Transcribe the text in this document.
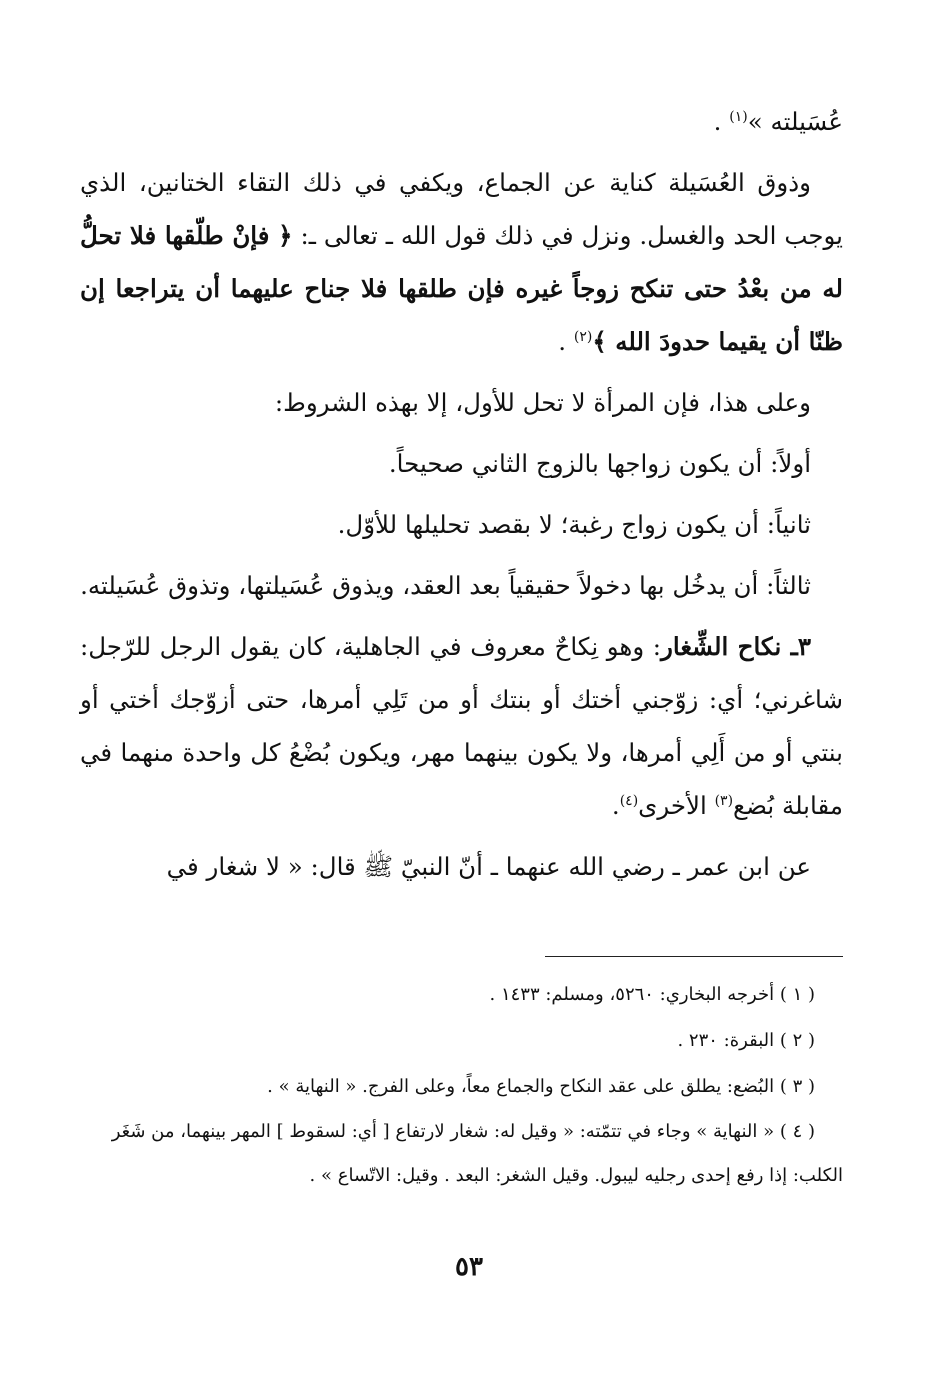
عُسَيلته »$^{(١)}$ .

وذوق العُسَيلة كناية عن الجماع، ويكفي في ذلك التقاء الختانين، الذي يوجب الحد والغسل. ونزل في ذلك قول الله ـ تعالى ـ: ﴿ فإنْ طلّقها فلا تحلُّ له من بعْدُ حتى تنكح زوجاً غيره فإن طلقها فلا جناح عليهما أن يتراجعا إن ظنّا أن يقيما حدودَ الله ﴾$^{(٢)}$ .

وعلى هذا، فإن المرأة لا تحل للأول، إلا بهذه الشروط:

أولاً: أن يكون زواجها بالزوج الثاني صحيحاً.

ثانياً: أن يكون زواج رغبة؛ لا بقصد تحليلها للأوّل.

ثالثاً: أن يدخُل بها دخولاً حقيقياً بعد العقد، ويذوق عُسَيلتها، وتذوق عُسَيلته.

٣ـ نكاح الشِّغار: وهو نِكاحٌ معروف في الجاهلية، كان يقول الرجل للرّجل: شاغرني؛ أي: زوّجني أختك أو بنتك أو من تَلِي أمرها، حتى أزوّجك أختي أو بنتي أو من أَلِي أمرها، ولا يكون بينهما مهر، ويكون بُضْعُ كل واحدة منهما في مقابلة بُضع$^{(٣)}$ الأخرى$^{(٤)}$.

عن ابن عمر ـ رضي الله عنهما ـ أنّ النبيّ ﷺ قال: « لا شغار في

( ١ ) أخرجه البخاري: ٥٢٦٠، ومسلم: ١٤٣٣ .

( ٢ ) البقرة: ٢٣٠ .

( ٣ ) البُضع: يطلق على عقد النكاح والجماع معاً، وعلى الفرج. « النهاية » .

( ٤ ) « النهاية » وجاء في تتمّته: « وقيل له: شغار لارتفاع [ أي: لسقوط ] المهر بينهما، من شَغَر الكلب: إذا رفع إحدى رجليه ليبول. وقيل الشغر: البعد . وقيل: الاتّساع » .

٥٣
